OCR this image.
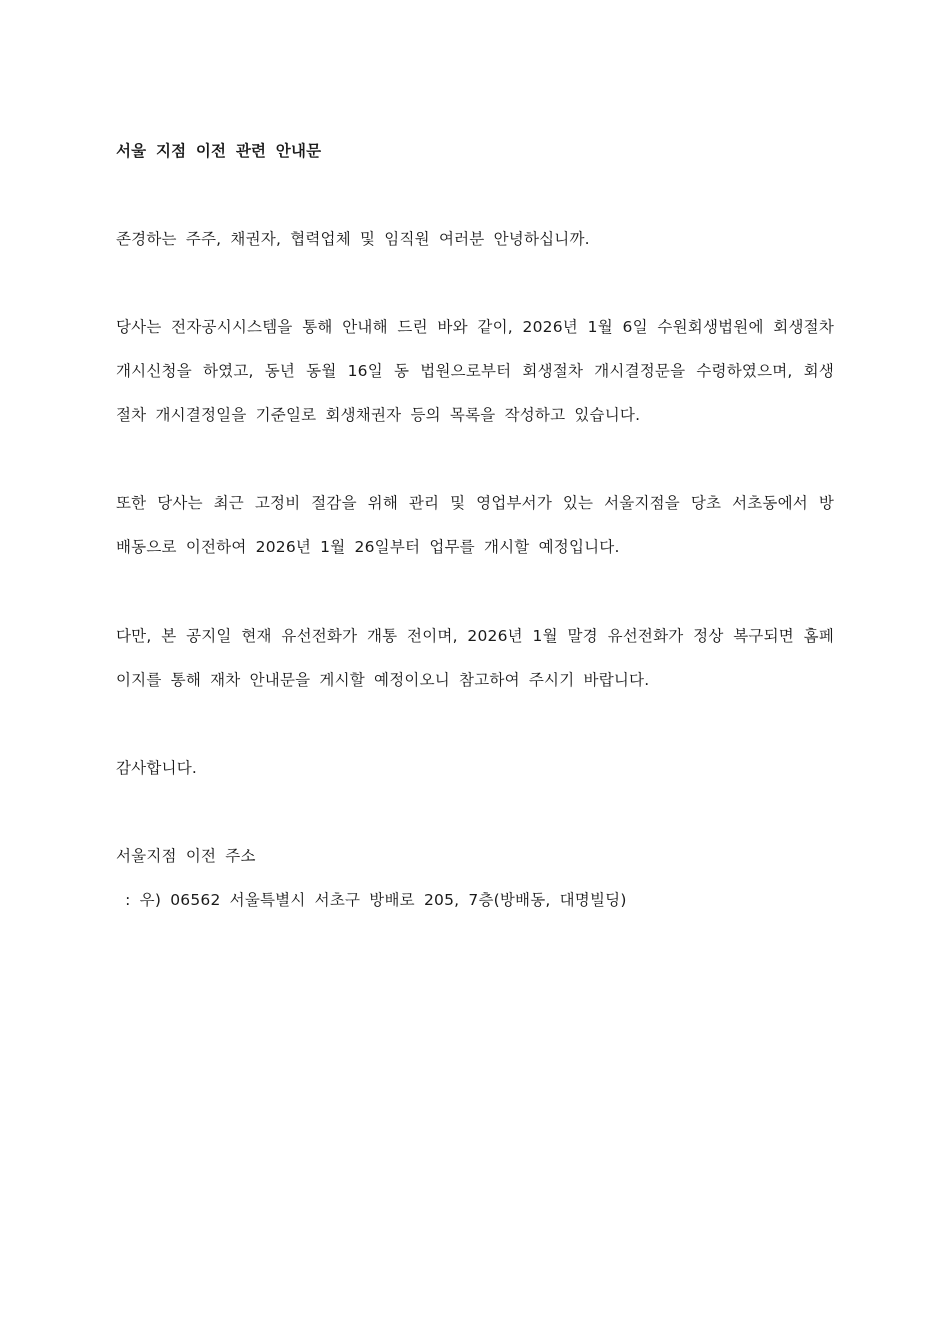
서울 지점 이전 관련 안내문
존경하는 주주, 채권자, 협력업체 및 임직원 여러분 안녕하십니까.
당사는 전자공시시스템을 통해 안내해 드린 바와 같이, 2026년 1월 6일 수원회생법원에 회생절차
개시신청을 하였고, 동년 동월 16일 동 법원으로부터 회생절차 개시결정문을 수령하였으며, 회생
절차 개시결정일을 기준일로 회생채권자 등의 목록을 작성하고 있습니다.
또한 당사는 최근 고정비 절감을 위해 관리 및 영업부서가 있는 서울지점을 당초 서초동에서 방
배동으로 이전하여 2026년 1월 26일부터 업무를 개시할 예정입니다.
다만, 본 공지일 현재 유선전화가 개통 전이며, 2026년 1월 말경 유선전화가 정상 복구되면 홈페
이지를 통해 재차 안내문을 게시할 예정이오니 참고하여 주시기 바랍니다.
감사합니다.
서울지점 이전 주소
: 우) 06562 서울특별시 서초구 방배로 205, 7층(방배동, 대명빌딩)
